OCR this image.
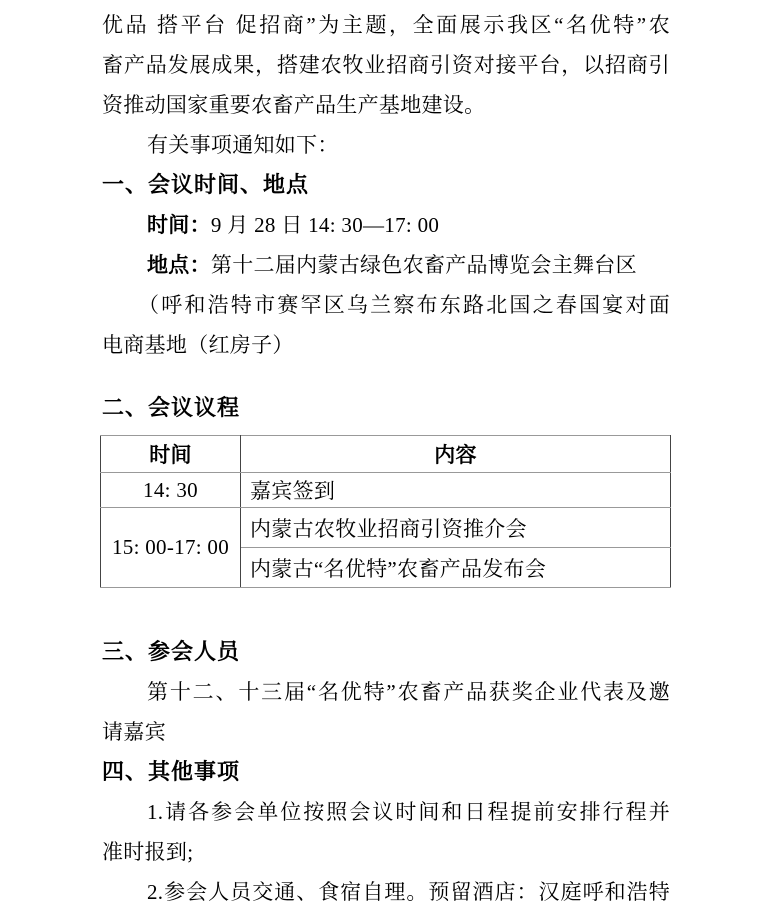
优品 搭平台 促招商”为主题，全面展示我区“名优特”农
畜产品发展成果，搭建农牧业招商引资对接平台，以招商引
资推动国家重要农畜产品生产基地建设。
有关事项通知如下：
一、会议时间、地点
时间：9 月 28 日 14: 30—17: 00
地点：第十二届内蒙古绿色农畜产品博览会主舞台区
（呼和浩特市赛罕区乌兰察布东路北国之春国宴对面
电商基地（红房子）
二、会议议程
时间	内容
14: 30	嘉宾签到
15: 00-17: 00	内蒙古农牧业招商引资推介会
	内蒙古“名优特”农畜产品发布会
三、参会人员
第十二、十三届“名优特”农畜产品获奖企业代表及邀
请嘉宾
四、其他事项
1.请各参会单位按照会议时间和日程提前安排行程并
准时报到;
2.参会人员交通、食宿自理。预留酒店：汉庭呼和浩特
